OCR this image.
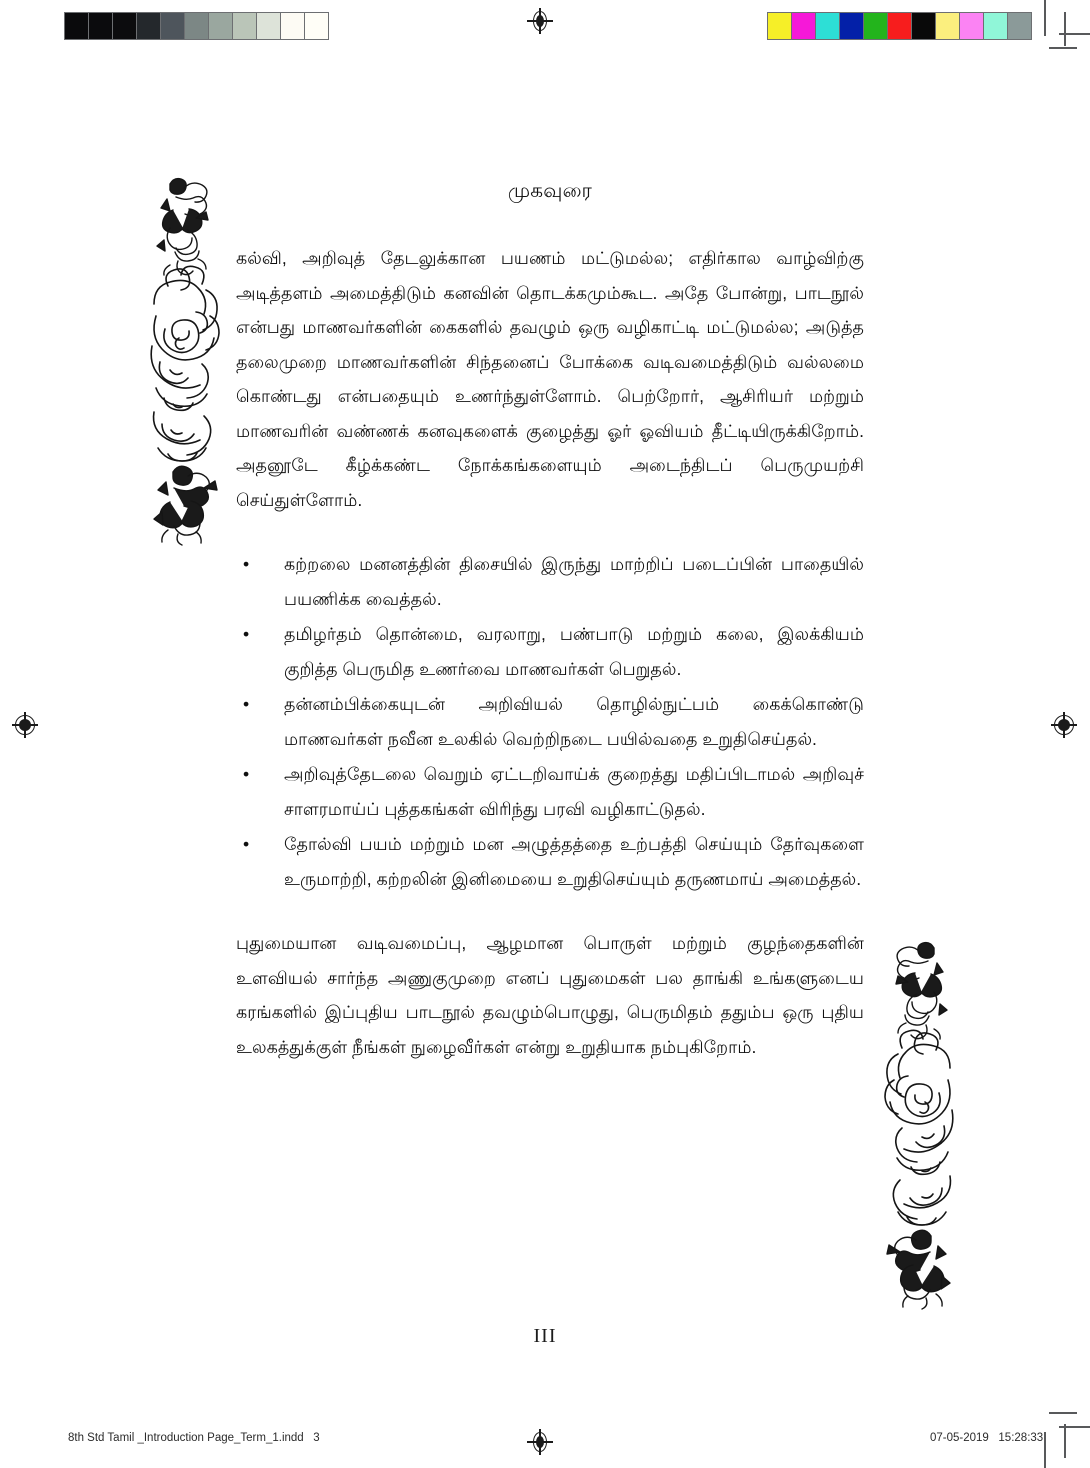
முகவுரை

கல்வி, அறிவுத் தேடலுக்கான பயணம் மட்டுமல்ல; எதிர்கால வாழ்விற்கு அடித்தளம் அமைத்திடும் கனவின் தொடக்கமும்கூட. அதே போன்று, பாடநூல் என்பது மாணவர்களின் கைகளில் தவழும் ஒரு வழிகாட்டி மட்டுமல்ல; அடுத்த தலைமுறை மாணவர்களின் சிந்தனைப் போக்கை வடிவமைத்திடும் வல்லமை கொண்டது என்பதையும் உணர்ந்துள்ளோம். பெற்றோர், ஆசிரியர் மற்றும் மாணவரின் வண்ணக் கனவுகளைக் குழைத்து ஓர் ஓவியம் தீட்டியிருக்கிறோம். அதனூடே கீழ்க்கண்ட நோக்கங்களையும் அடைந்திடப் பெருமுயற்சி செய்துள்ளோம்.

• கற்றலை மனனத்தின் திசையில் இருந்து மாற்றிப் படைப்பின் பாதையில் பயணிக்க வைத்தல்.
• தமிழர்தம் தொன்மை, வரலாறு, பண்பாடு மற்றும் கலை, இலக்கியம் குறித்த பெருமித உணர்வை மாணவர்கள் பெறுதல்.
• தன்னம்பிக்கையுடன் அறிவியல் தொழில்நுட்பம் கைக்கொண்டு மாணவர்கள் நவீன உலகில் வெற்றிநடை பயில்வதை உறுதிசெய்தல்.
• அறிவுத்தேடலை வெறும் ஏட்டறிவாய்க் குறைத்து மதிப்பிடாமல் அறிவுச் சாளரமாய்ப் புத்தகங்கள் விரிந்து பரவி வழிகாட்டுதல்.
• தோல்வி பயம் மற்றும் மன அழுத்தத்தை உற்பத்தி செய்யும் தேர்வுகளை உருமாற்றி, கற்றலின் இனிமையை உறுதிசெய்யும் தருணமாய் அமைத்தல்.

புதுமையான வடிவமைப்பு, ஆழமான பொருள் மற்றும் குழந்தைகளின் உளவியல் சார்ந்த அணுகுமுறை எனப் புதுமைகள் பல தாங்கி உங்களுடைய கரங்களில் இப்புதிய பாடநூல் தவழும்பொழுது, பெருமிதம் ததும்ப ஒரு புதிய உலகத்துக்குள் நீங்கள் நுழைவீர்கள் என்று உறுதியாக நம்புகிறோம்.

III
8th Std Tamil _Introduction Page_Term_1.indd   3	07-05-2019   15:28:33
